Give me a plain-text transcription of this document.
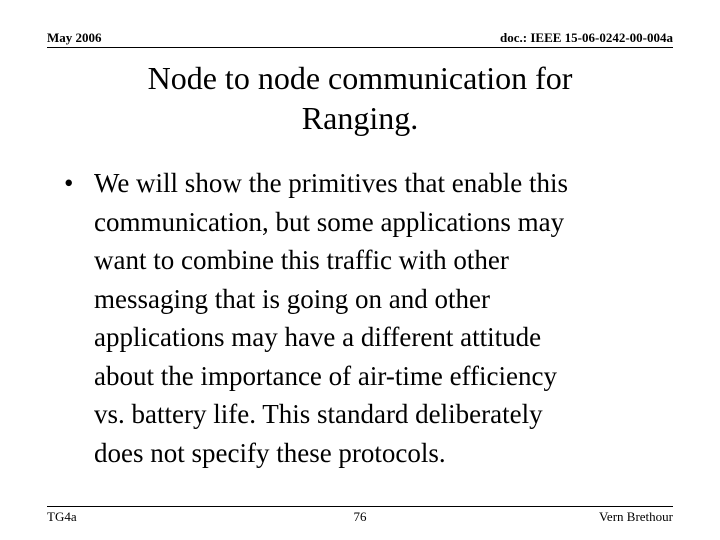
May 2006	doc.: IEEE 15-06-0242-00-004a
Node to node communication for
Ranging.
• We will show the primitives that enable this
communication, but some applications may
want to combine this traffic with other
messaging that is going on and other
applications may have a different attitude
about the importance of air-time efficiency
vs. battery life. This standard deliberately
does not specify these protocols.
TG4a	76	Vern Brethour
